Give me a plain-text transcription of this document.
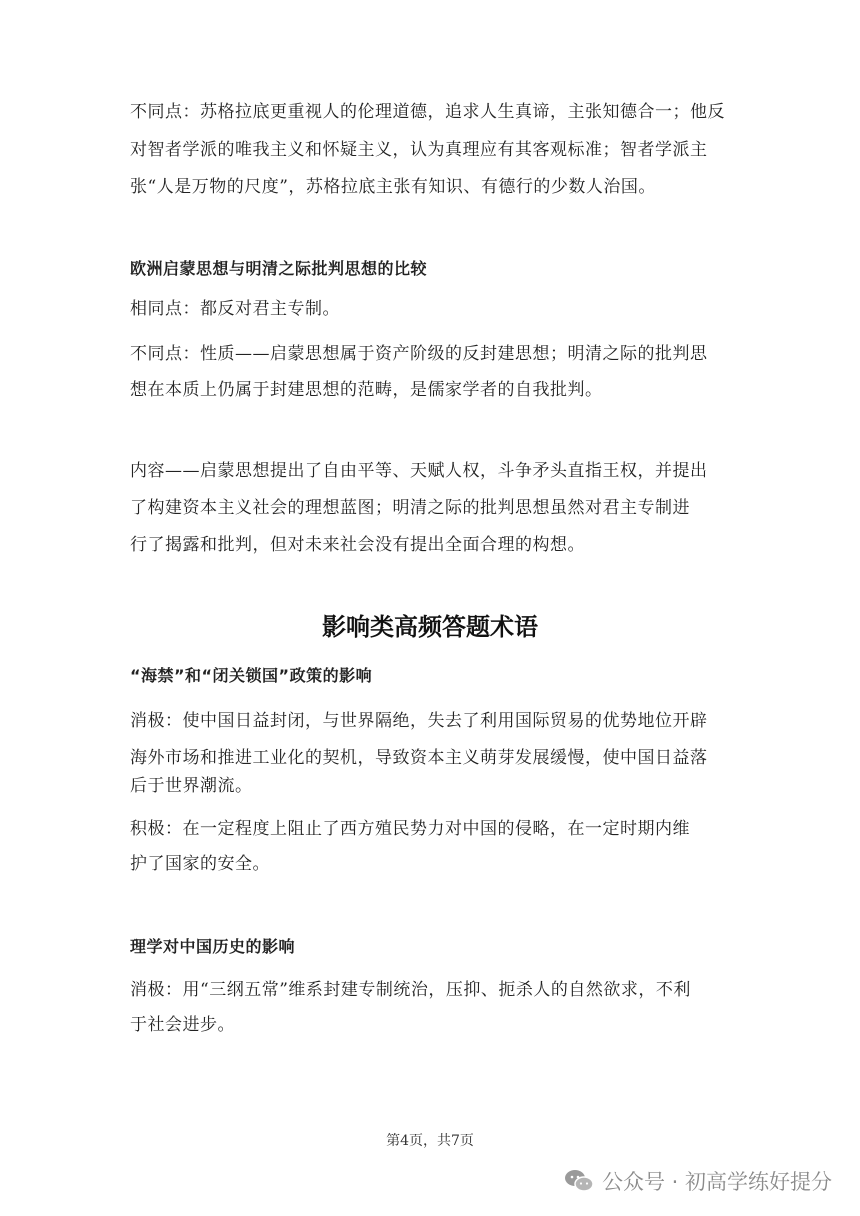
不同点：苏格拉底更重视人的伦理道德，追求人生真谛，主张知德合一；他反
对智者学派的唯我主义和怀疑主义，认为真理应有其客观标准；智者学派主
张“人是万物的尺度”，苏格拉底主张有知识、有德行的少数人治国。
欧洲启蒙思想与明清之际批判思想的比较
相同点：都反对君主专制。
不同点：性质——启蒙思想属于资产阶级的反封建思想；明清之际的批判思
想在本质上仍属于封建思想的范畴，是儒家学者的自我批判。
内容——启蒙思想提出了自由平等、天赋人权，斗争矛头直指王权，并提出
了构建资本主义社会的理想蓝图；明清之际的批判思想虽然对君主专制进
行了揭露和批判，但对未来社会没有提出全面合理的构想。
影响类高频答题术语
“海禁”和“闭关锁国”政策的影响
消极：使中国日益封闭，与世界隔绝，失去了利用国际贸易的优势地位开辟
海外市场和推进工业化的契机，导致资本主义萌芽发展缓慢，使中国日益落
后于世界潮流。
积极：在一定程度上阻止了西方殖民势力对中国的侵略，在一定时期内维
护了国家的安全。
理学对中国历史的影响
消极：用“三纲五常”维系封建专制统治，压抑、扼杀人的自然欲求，不利
于社会进步。
第4页，共7页
公众号 · 初高学练好提分
